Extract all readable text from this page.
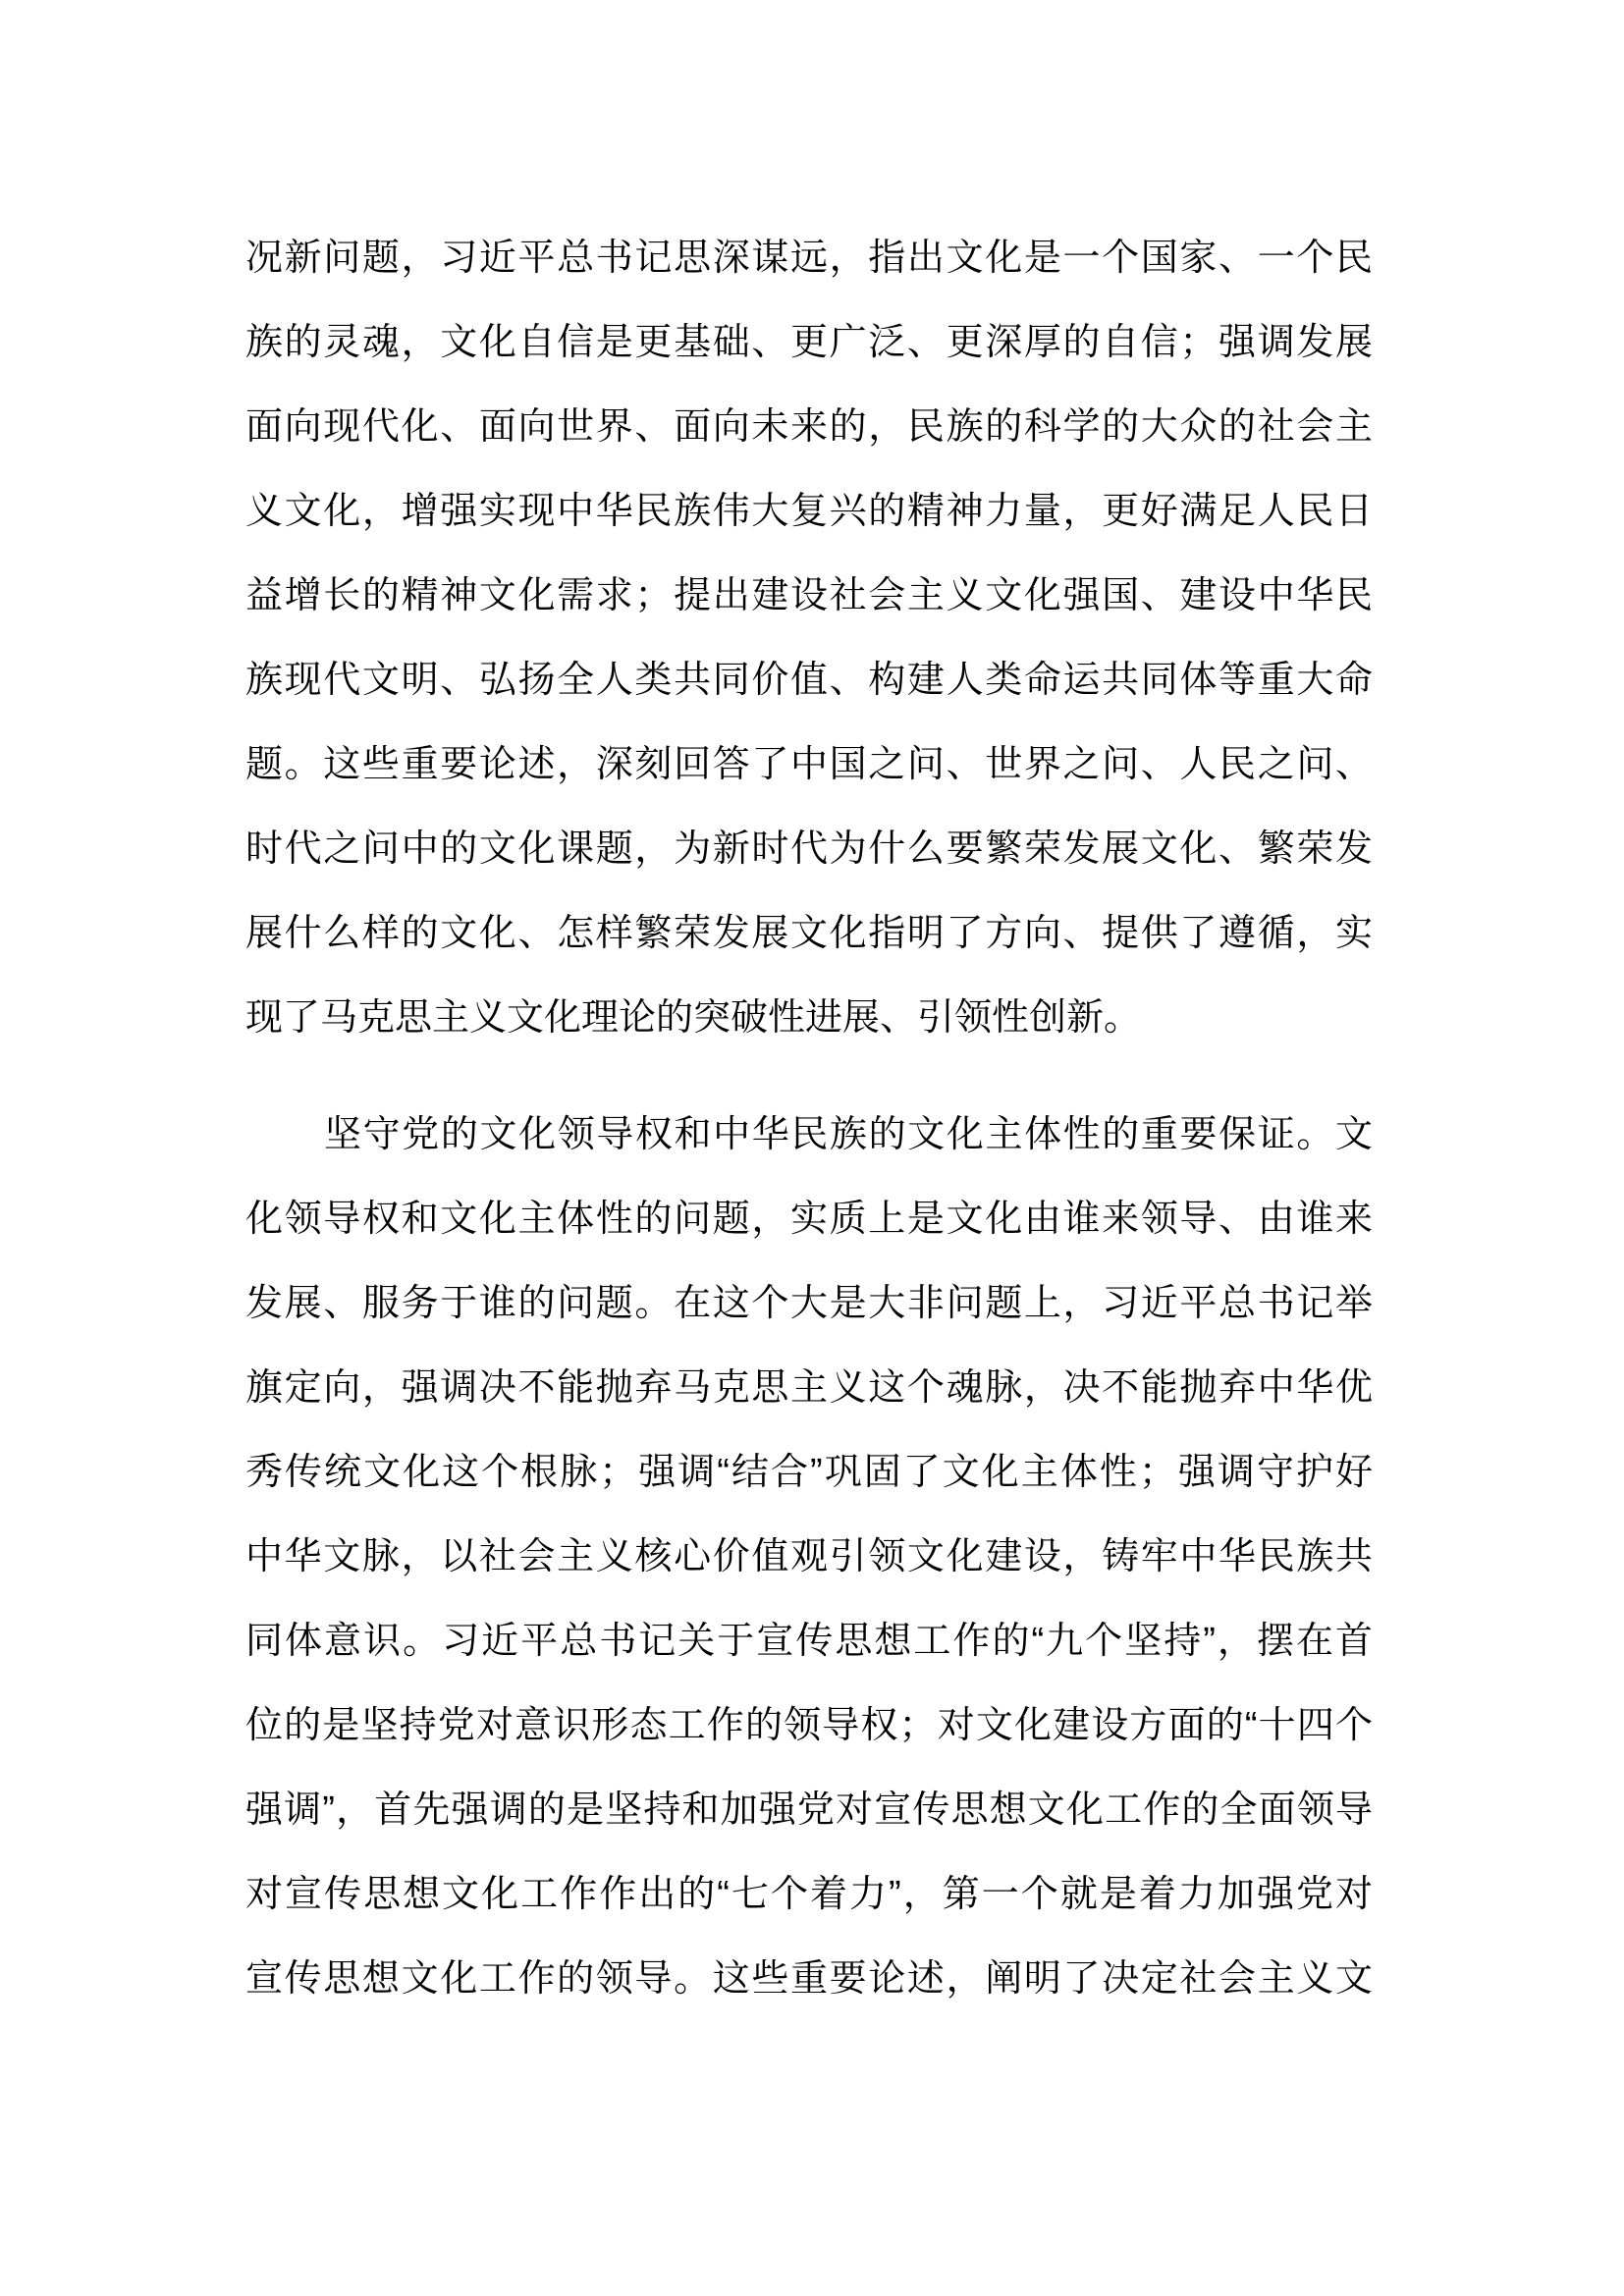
况新问题，习近平总书记思深谋远，指出文化是一个国家、一个民
族的灵魂，文化自信是更基础、更广泛、更深厚的自信；强调发展
面向现代化、面向世界、面向未来的，民族的科学的大众的社会主
义文化，增强实现中华民族伟大复兴的精神力量，更好满足人民日
益增长的精神文化需求；提出建设社会主义文化强国、建设中华民
族现代文明、弘扬全人类共同价值、构建人类命运共同体等重大命
题。这些重要论述，深刻回答了中国之问、世界之问、人民之问、
时代之问中的文化课题，为新时代为什么要繁荣发展文化、繁荣发
展什么样的文化、怎样繁荣发展文化指明了方向、提供了遵循，实
现了马克思主义文化理论的突破性进展、引领性创新。
坚守党的文化领导权和中华民族的文化主体性的重要保证。文
化领导权和文化主体性的问题，实质上是文化由谁来领导、由谁来
发展、服务于谁的问题。在这个大是大非问题上，习近平总书记举
旗定向，强调决不能抛弃马克思主义这个魂脉，决不能抛弃中华优
秀传统文化这个根脉；强调“结合”巩固了文化主体性；强调守护好
中华文脉，以社会主义核心价值观引领文化建设，铸牢中华民族共
同体意识。习近平总书记关于宣传思想工作的“九个坚持”，摆在首
位的是坚持党对意识形态工作的领导权；对文化建设方面的“十四个
强调”，首先强调的是坚持和加强党对宣传思想文化工作的全面领导
对宣传思想文化工作作出的“七个着力”，第一个就是着力加强党对
宣传思想文化工作的领导。这些重要论述，阐明了决定社会主义文
